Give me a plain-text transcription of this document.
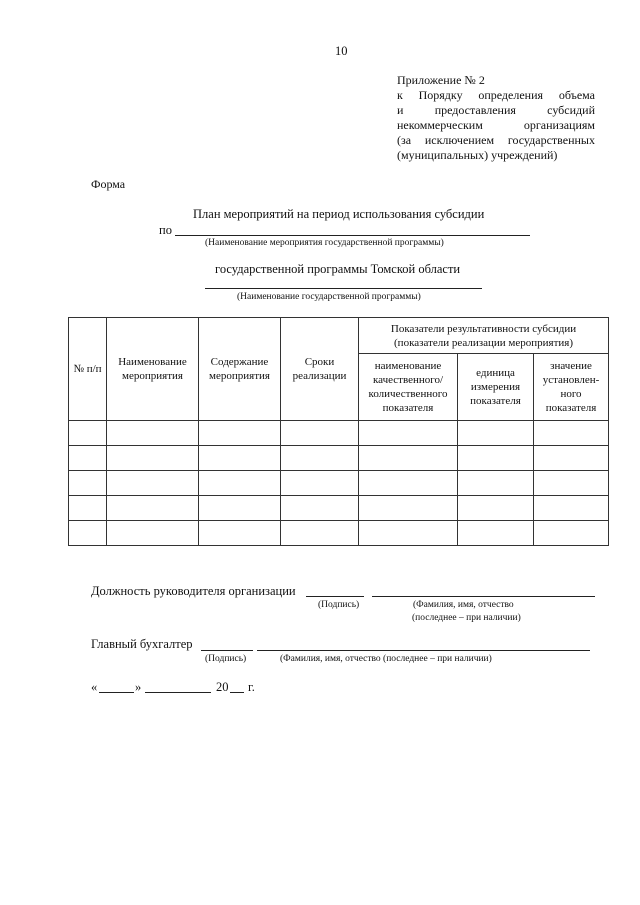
10
Приложение № 2
к Порядку определения объема
и предоставления субсидий
некоммерческим организациям
(за исключением государственных
(муниципальных) учреждений)
Форма
План мероприятий на период использования субсидии
по
(Наименование мероприятия государственной программы)
государственной программы Томской области
(Наименование государственной программы)
№ п/п	Наименование мероприятия	Содержание мероприятия	Сроки реализации	Показатели результативности субсидии (показатели реализации мероприятия)		
				наименование качественного/ количественного показателя	единица измерения показателя	значение установлен-ного показателя

Должность руководителя организации
(Подпись)	(Фамилия, имя, отчество
(последнее – при наличии)
Главный бухгалтер
(Подпись)	(Фамилия, имя, отчество (последнее – при наличии)
«	»	20 г.
